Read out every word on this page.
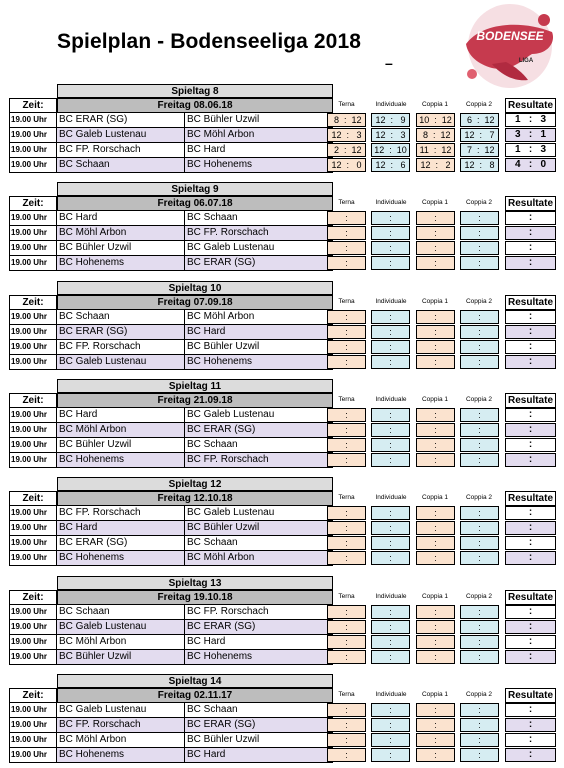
Spielplan - Bodenseeliga 2018
–
BODENSEE
LIGA
Spieltag 8
Zeit:	Freitag 08.06.18	Terna	Individuale	Coppia 1	Coppia 2	Resultate
19.00 Uhr	BC ERAR (SG)	BC Bühler Uzwil	8  :  12	12  :   9	10  :  12	6  :  12	1   :   3
19.00 Uhr	BC Galeb Lustenau	BC Möhl Arbon	12  :   3	12  :   3	8  :  12	12  :   7	3   :   1
19.00 Uhr	BC FP. Rorschach	BC Hard	2  :  12	12  :  10	11  :  12	7  :  12	1   :   3
19.00 Uhr	BC Schaan	BC Hohenems	12  :   0	12  :   6	12  :   2	12  :   8	4   :   0
Spieltag 9
Zeit:	Freitag 06.07.18	Terna	Individuale	Coppia 1	Coppia 2	Resultate
19.00 Uhr	BC Hard	BC Schaan	:	:	:	:	:
19.00 Uhr	BC Möhl Arbon	BC FP. Rorschach	:	:	:	:	:
19.00 Uhr	BC Bühler Uzwil	BC Galeb Lustenau	:	:	:	:	:
19.00 Uhr	BC Hohenems	BC ERAR (SG)	:	:	:	:	:
Spieltag 10
Zeit:	Freitag 07.09.18	Terna	Individuale	Coppia 1	Coppia 2	Resultate
19.00 Uhr	BC Schaan	BC Möhl Arbon	:	:	:	:	:
19.00 Uhr	BC ERAR (SG)	BC Hard	:	:	:	:	:
19.00 Uhr	BC FP. Rorschach	BC Bühler Uzwil	:	:	:	:	:
19.00 Uhr	BC Galeb Lustenau	BC Hohenems	:	:	:	:	:
Spieltag 11
Zeit:	Freitag 21.09.18	Terna	Individuale	Coppia 1	Coppia 2	Resultate
19.00 Uhr	BC Hard	BC Galeb Lustenau	:	:	:	:	:
19.00 Uhr	BC Möhl Arbon	BC ERAR (SG)	:	:	:	:	:
19.00 Uhr	BC Bühler Uzwil	BC Schaan	:	:	:	:	:
19.00 Uhr	BC Hohenems	BC FP. Rorschach	:	:	:	:	:
Spieltag 12
Zeit:	Freitag 12.10.18	Terna	Individuale	Coppia 1	Coppia 2	Resultate
19.00 Uhr	BC FP. Rorschach	BC Galeb Lustenau	:	:	:	:	:
19.00 Uhr	BC Hard	BC Bühler Uzwil	:	:	:	:	:
19.00 Uhr	BC ERAR (SG)	BC Schaan	:	:	:	:	:
19.00 Uhr	BC Hohenems	BC Möhl Arbon	:	:	:	:	:
Spieltag 13
Zeit:	Freitag 19.10.18	Terna	Individuale	Coppia 1	Coppia 2	Resultate
19.00 Uhr	BC Schaan	BC FP. Rorschach	:	:	:	:	:
19.00 Uhr	BC Galeb Lustenau	BC ERAR (SG)	:	:	:	:	:
19.00 Uhr	BC Möhl Arbon	BC Hard	:	:	:	:	:
19.00 Uhr	BC Bühler Uzwil	BC Hohenems	:	:	:	:	:
Spieltag 14
Zeit:	Freitag 02.11.17	Terna	Individuale	Coppia 1	Coppia 2	Resultate
19.00 Uhr	BC Galeb Lustenau	BC Schaan	:	:	:	:	:
19.00 Uhr	BC FP. Rorschach	BC ERAR (SG)	:	:	:	:	:
19.00 Uhr	BC Möhl Arbon	BC Bühler Uzwil	:	:	:	:	:
19.00 Uhr	BC Hohenems	BC Hard	:	:	:	:	:
